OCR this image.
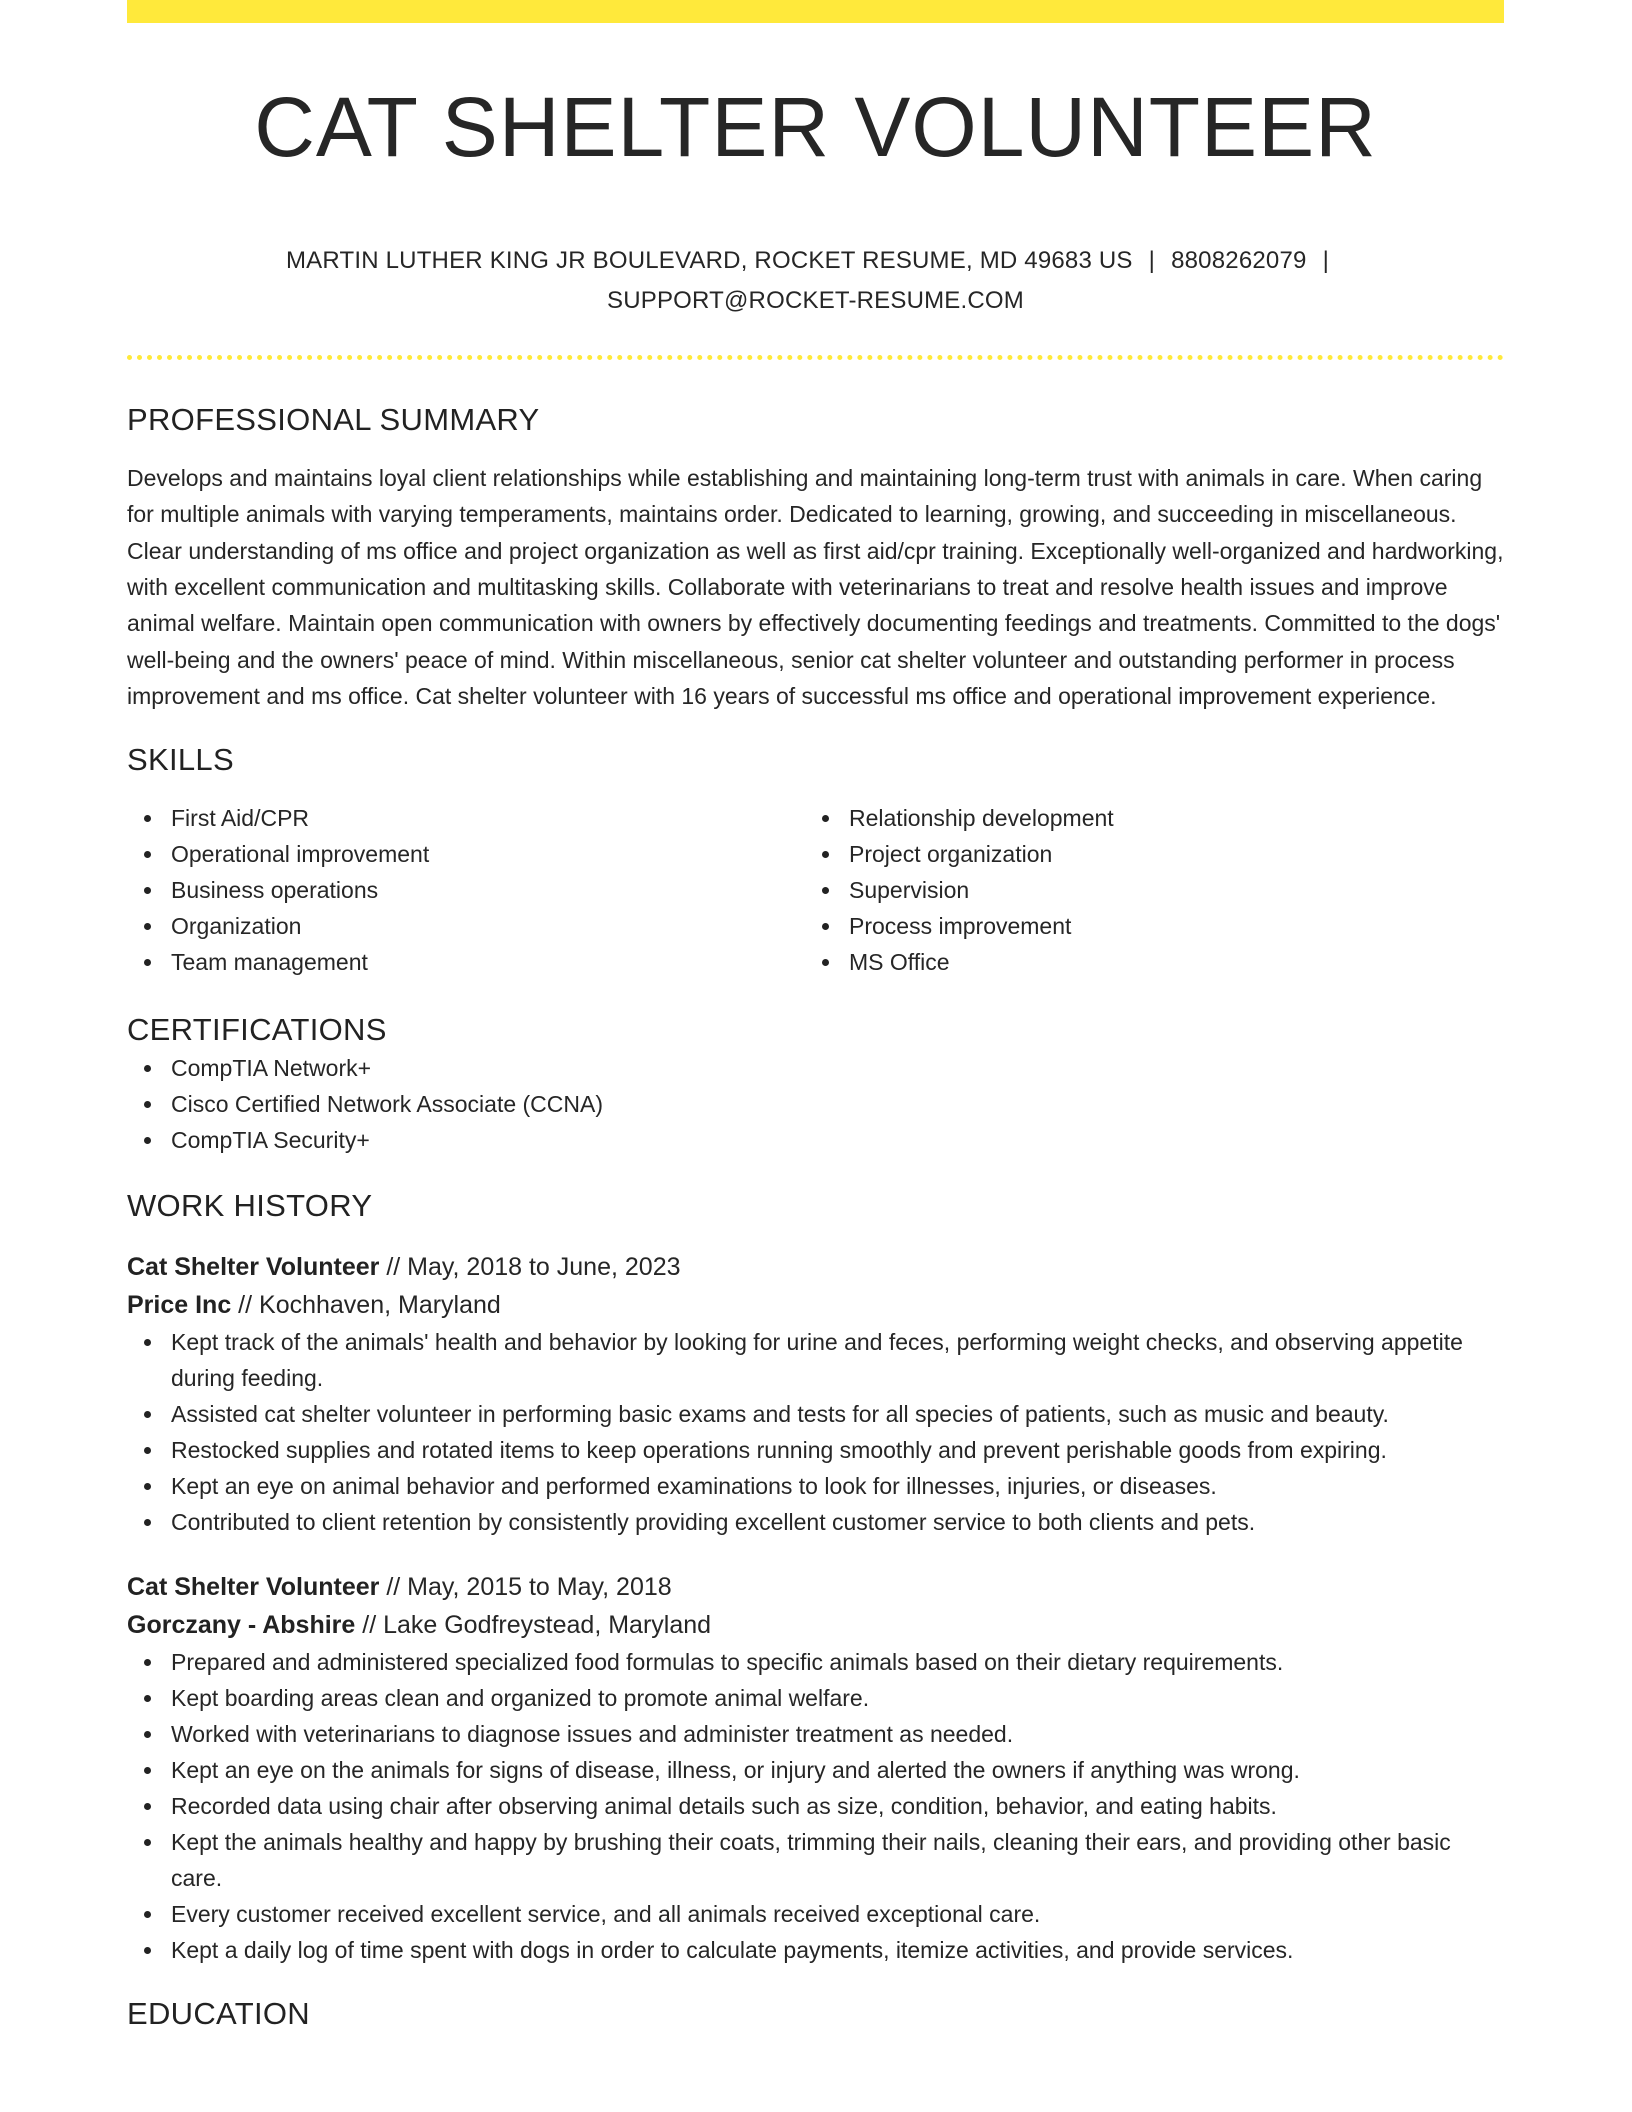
CAT SHELTER VOLUNTEER
MARTIN LUTHER KING JR BOULEVARD, ROCKET RESUME, MD 49683 US | 8808262079 |
SUPPORT@ROCKET-RESUME.COM
PROFESSIONAL SUMMARY

Develops and maintains loyal client relationships while establishing and maintaining long-term trust with animals in care. When caring for multiple animals with varying temperaments, maintains order. Dedicated to learning, growing, and succeeding in miscellaneous. Clear understanding of ms office and project organization as well as first aid/cpr training. Exceptionally well-organized and hardworking, with excellent communication and multitasking skills. Collaborate with veterinarians to treat and resolve health issues and improve animal welfare. Maintain open communication with owners by effectively documenting feedings and treatments. Committed to the dogs' well-being and the owners' peace of mind. Within miscellaneous, senior cat shelter volunteer and outstanding performer in process improvement and ms office. Cat shelter volunteer with 16 years of successful ms office and operational improvement experience.

SKILLS
First Aid/CPR
Operational improvement
Business operations
Organization
Team management
Relationship development
Project organization
Supervision
Process improvement
MS Office
CERTIFICATIONS
CompTIA Network+
Cisco Certified Network Associate (CCNA)
CompTIA Security+
WORK HISTORY
Cat Shelter Volunteer // May, 2018 to June, 2023
Price Inc // Kochhaven, Maryland
Kept track of the animals' health and behavior by looking for urine and feces, performing weight checks, and observing appetite during feeding.
Assisted cat shelter volunteer in performing basic exams and tests for all species of patients, such as music and beauty.
Restocked supplies and rotated items to keep operations running smoothly and prevent perishable goods from expiring.
Kept an eye on animal behavior and performed examinations to look for illnesses, injuries, or diseases.
Contributed to client retention by consistently providing excellent customer service to both clients and pets.
Cat Shelter Volunteer // May, 2015 to May, 2018
Gorczany - Abshire // Lake Godfreystead, Maryland
Prepared and administered specialized food formulas to specific animals based on their dietary requirements.
Kept boarding areas clean and organized to promote animal welfare.
Worked with veterinarians to diagnose issues and administer treatment as needed.
Kept an eye on the animals for signs of disease, illness, or injury and alerted the owners if anything was wrong.
Recorded data using chair after observing animal details such as size, condition, behavior, and eating habits.
Kept the animals healthy and happy by brushing their coats, trimming their nails, cleaning their ears, and providing other basic care.
Every customer received excellent service, and all animals received exceptional care.
Kept a daily log of time spent with dogs in order to calculate payments, itemize activities, and provide services.
EDUCATION
